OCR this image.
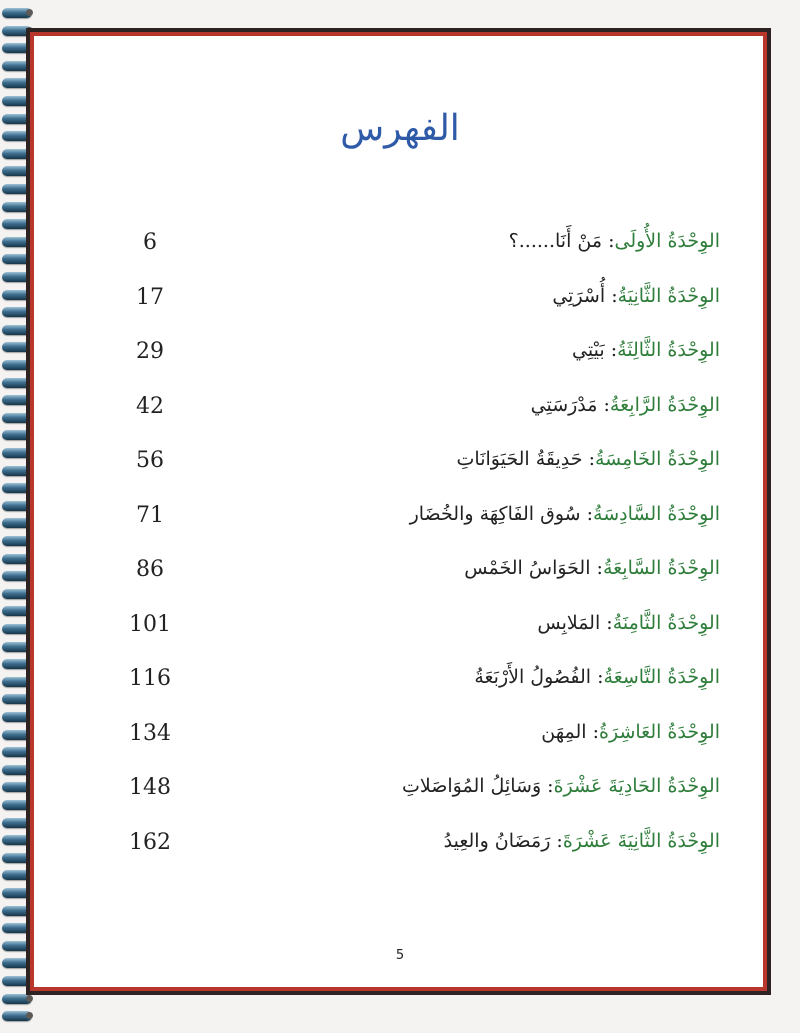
الفهرس
6	الوِحْدَةُ الأُولَى: مَنْ أَنَا......؟
17	الوِحْدَةُ الثَّانِيَةُ: أُسْرَتِي
29	الوِحْدَةُ الثَّالِثَةُ: بَيْتِي
42	الوِحْدَةُ الرَّابِعَةُ: مَدْرَسَتِي
56	الوِحْدَةُ الخَامِسَةُ: حَدِيقَةُ الحَيَوَانَاتِ
71	الوِحْدَةُ السَّادِسَةُ: سُوق الفَاكِهَة والخُضَار
86	الوِحْدَةُ السَّابِعَةُ: الحَوَاسُ الخَمْس
101	الوِحْدَةُ الثَّامِنَةُ: المَلابِس
116	الوِحْدَةُ التَّاسِعَةُ: الفُصُولُ الأَرْبَعَةُ
134	الوِحْدَةُ العَاشِرَةُ: المِهَن
148	الوِحْدَةُ الحَادِيَةَ عَشْرَةَ: وَسَائِلُ المُوَاصَلاتِ
162	الوِحْدَةُ الثَّانِيَةَ عَشْرَةَ: رَمَضَانُ والعِيدُ
5
